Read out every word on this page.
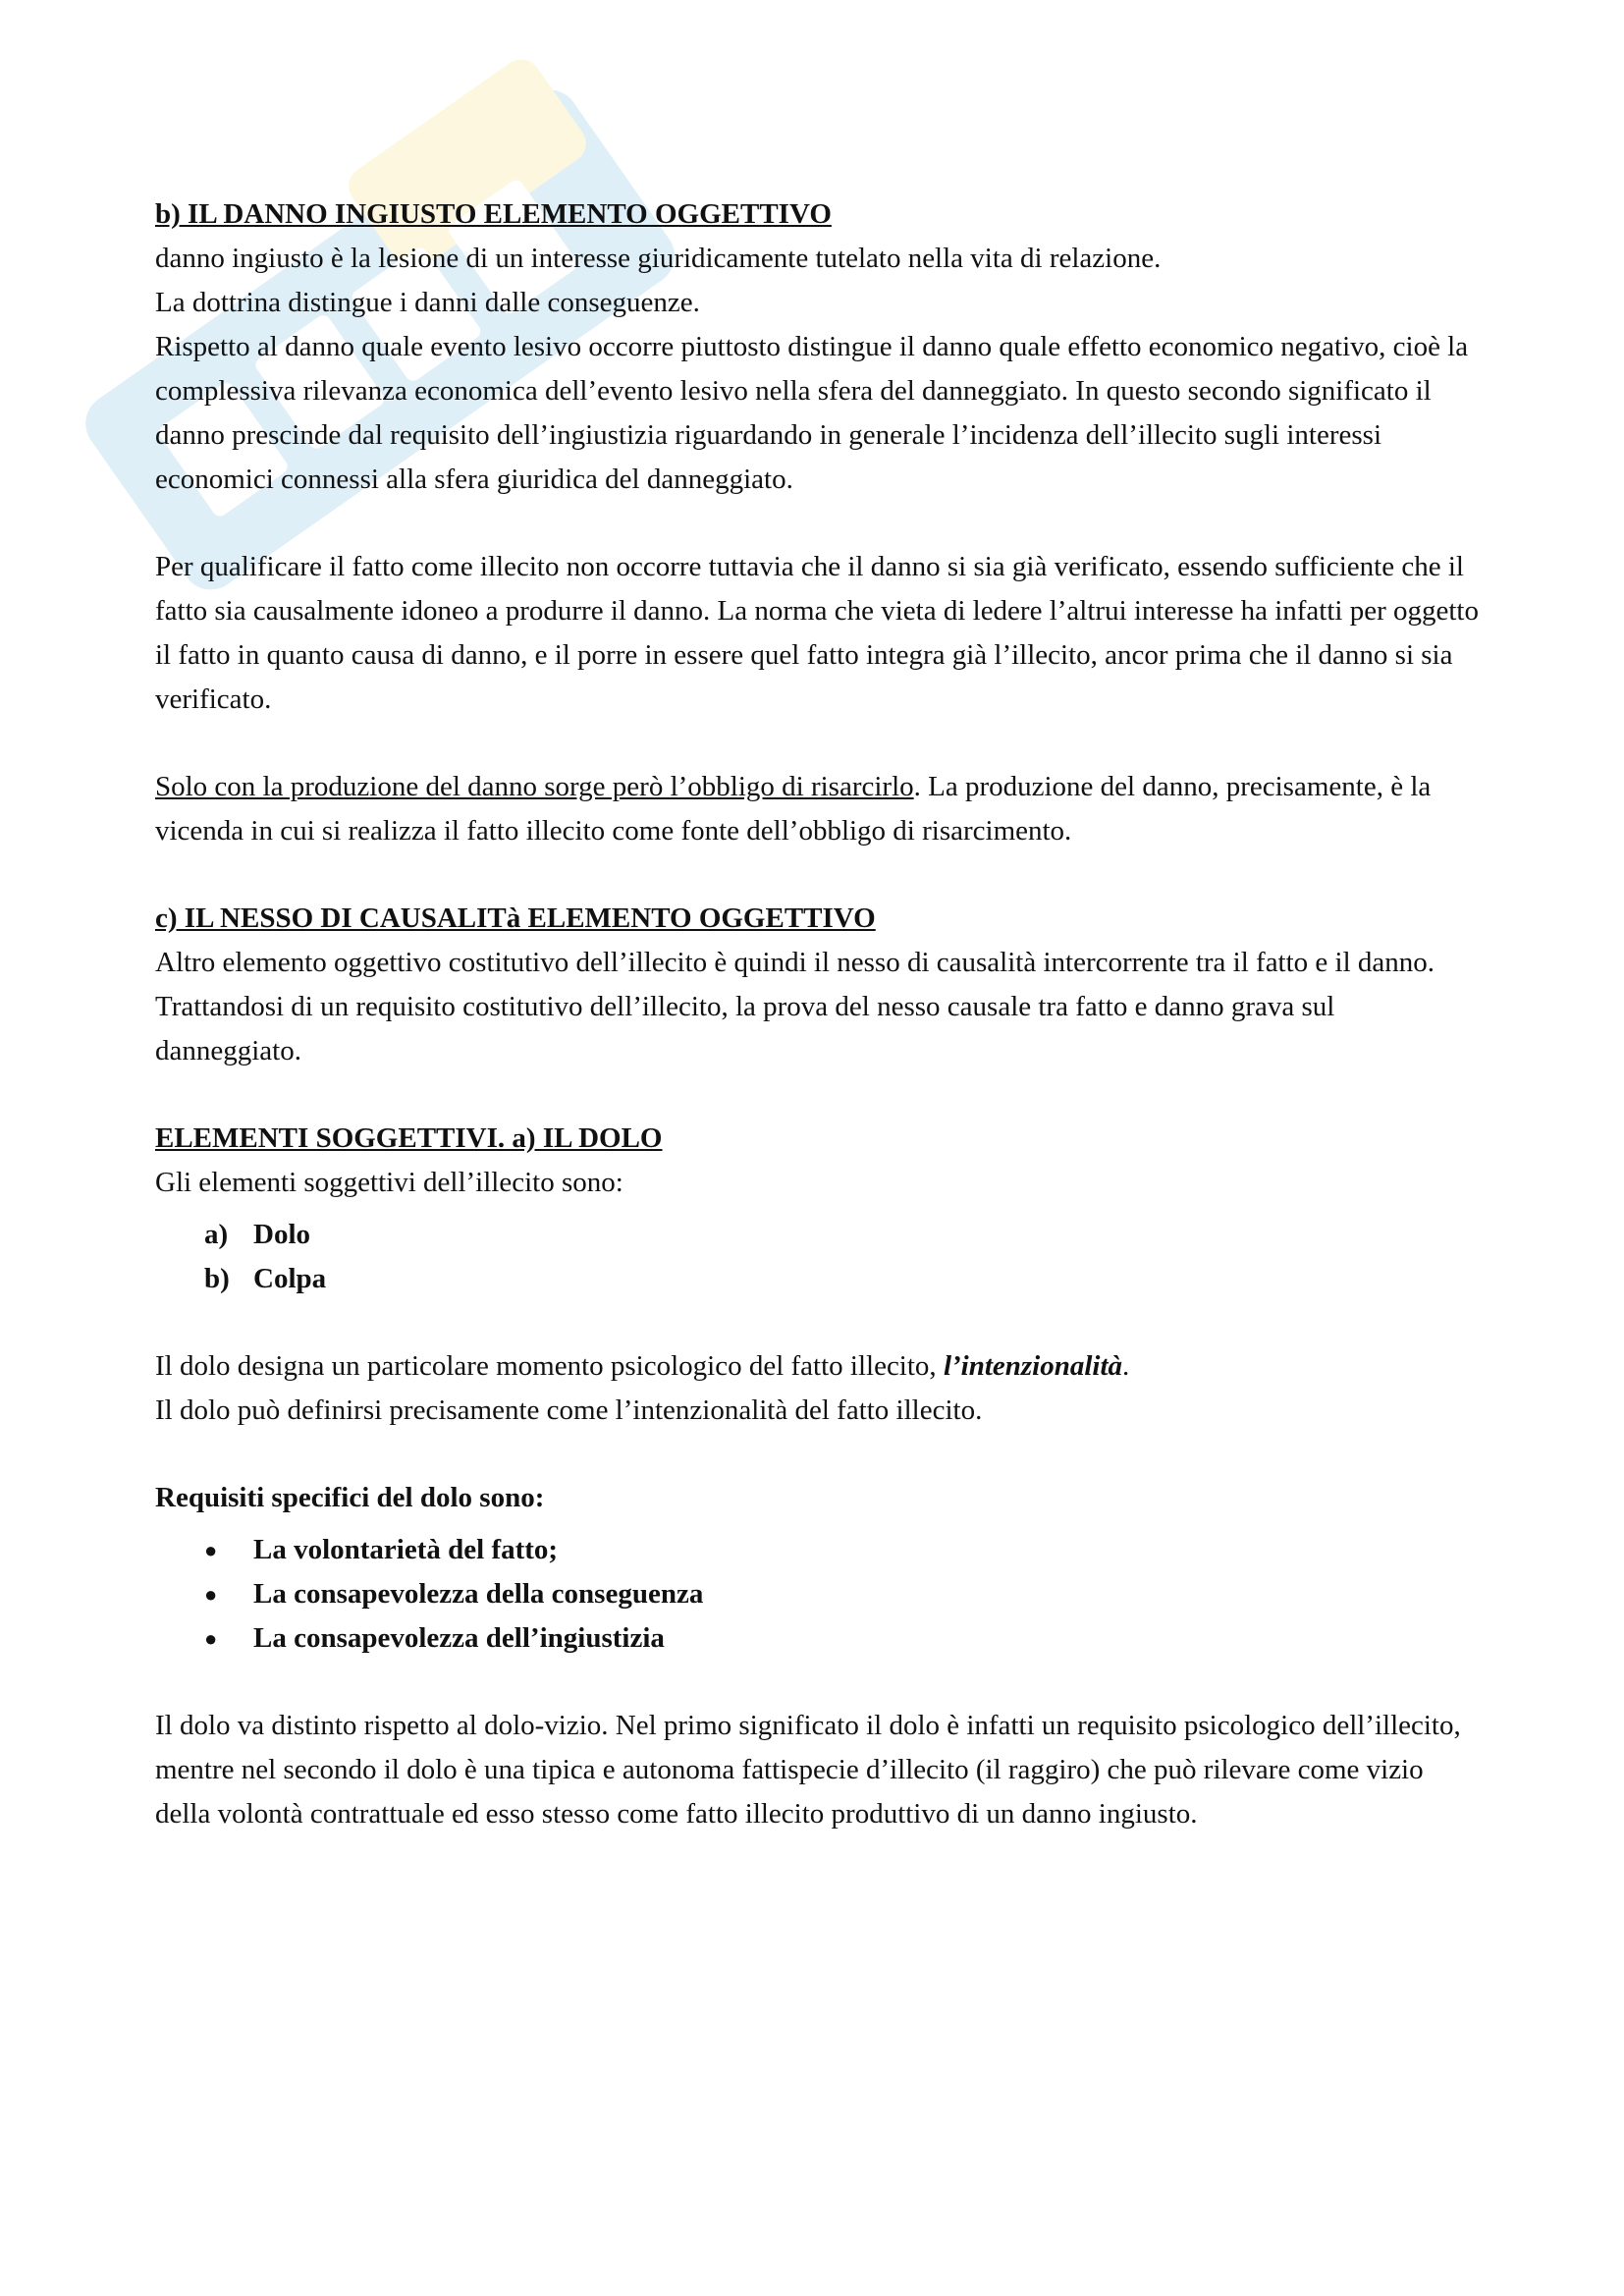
b) IL DANNO INGIUSTO ELEMENTO OGGETTIVO

danno ingiusto è la lesione di un interesse giuridicamente tutelato nella vita di relazione.

La dottrina distingue i danni dalle conseguenze.

Rispetto al danno quale evento lesivo occorre piuttosto distingue il danno quale effetto economico negativo, cioè la complessiva rilevanza economica dell’evento lesivo nella sfera del danneggiato. In questo secondo significato il danno prescinde dal requisito dell’ingiustizia riguardando in generale l’incidenza dell’illecito sugli interessi economici connessi alla sfera giuridica del danneggiato.

Per qualificare il fatto come illecito non occorre tuttavia che il danno si sia già verificato, essendo sufficiente che il fatto sia causalmente idoneo a produrre il danno. La norma che vieta di ledere l’altrui interesse ha infatti per oggetto il fatto in quanto causa di danno, e il porre in essere quel fatto integra già l’illecito, ancor prima che il danno si sia verificato.

Solo con la produzione del danno sorge però l’obbligo di risarcirlo. La produzione del danno, precisamente, è la vicenda in cui si realizza il fatto illecito come fonte dell’obbligo di risarcimento.

c) IL NESSO DI CAUSALITà ELEMENTO OGGETTIVO

Altro elemento oggettivo costitutivo dell’illecito è quindi il nesso di causalità intercorrente tra il fatto e il danno.

Trattandosi di un requisito costitutivo dell’illecito, la prova del nesso causale tra fatto e danno grava sul danneggiato.

ELEMENTI SOGGETTIVI. a) IL DOLO

Gli elementi soggettivi dell’illecito sono:

a) Dolo
b) Colpa

Il dolo designa un particolare momento psicologico del fatto illecito, l’intenzionalità.

Il dolo può definirsi precisamente come l’intenzionalità del fatto illecito.

Requisiti specifici del dolo sono:

●	La volontarietà del fatto;
●	La consapevolezza della conseguenza
●	La consapevolezza dell’ingiustizia

Il dolo va distinto rispetto al dolo-vizio. Nel primo significato il dolo è infatti un requisito psicologico dell’illecito, mentre nel secondo il dolo è una tipica e autonoma fattispecie d’illecito (il raggiro) che può rilevare come vizio della volontà contrattuale ed esso stesso come fatto illecito produttivo di un danno ingiusto.
